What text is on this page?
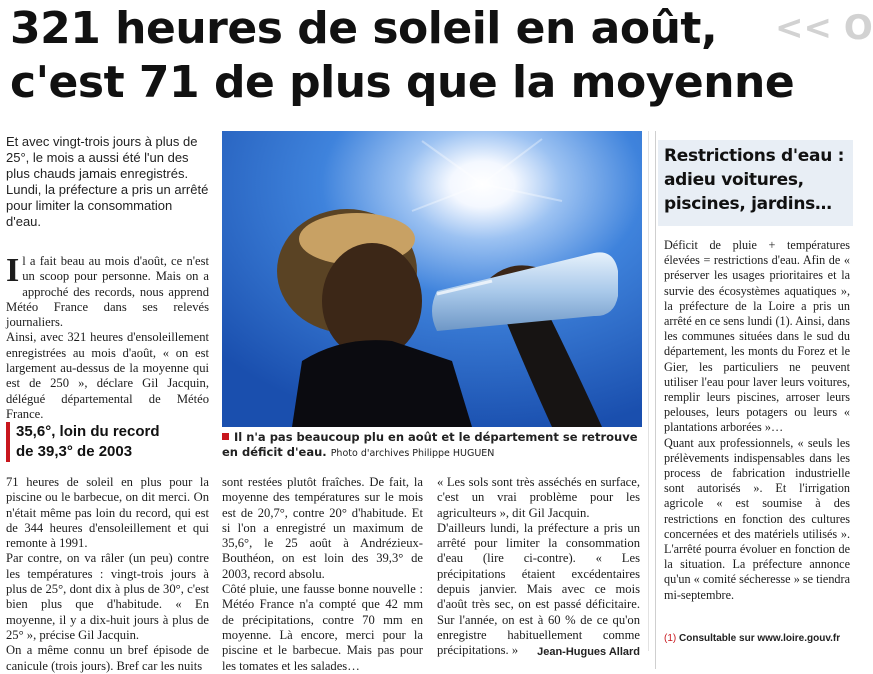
321 heures de soleil en août,
c'est 71 de plus que la moyenne
<< O
Et avec vingt-trois jours à plus de 25°, le mois a aussi été l'un des plus chauds jamais enregistrés. Lundi, la préfecture a pris un arrêté pour limiter la consommation d'eau.

Il a fait beau au mois d'août, ce n'est un scoop pour personne. Mais on a approché des records, nous apprend Météo France dans ses relevés journaliers.

Ainsi, avec 321 heures d'ensoleillement enregistrées au mois d'août, « on est largement au-dessus de la moyenne qui est de 250 », déclare Gil Jacquin, délégué départemental de Météo France.

35,6°, loin du record
de 39,3° de 2003

71 heures de soleil en plus pour la piscine ou le barbecue, on dit merci. On n'était même pas loin du record, qui est de 344 heures d'ensoleillement et qui remonte à 1991.

Par contre, on va râler (un peu) contre les températures : vingt-trois jours à plus de 25°, dont dix à plus de 30°, c'est bien plus que d'habitude. « En moyenne, il y a dix-huit jours à plus de 25° », précise Gil Jacquin.

On a même connu un bref épisode de canicule (trois jours). Bref car les nuits

Il n'a pas beaucoup plu en août et le département se retrouve en déficit d'eau. Photo d'archives Philippe HUGUEN

sont restées plutôt fraîches. De fait, la moyenne des températures sur le mois est de 20,7°, contre 20° d'habitude. Et si l'on a enregistré un maximum de 35,6°, le 25 août à Andrézieux-Bouthéon, on est loin des 39,3° de 2003, record absolu.

Côté pluie, une fausse bonne nouvelle : Météo France n'a compté que 42 mm de précipitations, contre 70 mm en moyenne. Là encore, merci pour la piscine et le barbecue. Mais pas pour les tomates et les salades…

« Les sols sont très asséchés en surface, c'est un vrai problème pour les agriculteurs », dit Gil Jacquin.

D'ailleurs lundi, la préfecture a pris un arrêté pour limiter la consommation d'eau (lire ci-contre). « Les précipitations étaient excédentaires depuis janvier. Mais avec ce mois d'août très sec, on est passé déficitaire. Sur l'année, on est à 60 % de ce qu'on enregistre habituellement comme précipitations. »	Jean-Hugues Allard
Restrictions d'eau :
adieu voitures,
piscines, jardins…

Déficit de pluie + températures élevées = restrictions d'eau. Afin de « préserver les usages prioritaires et la survie des écosystèmes aquatiques », la préfecture de la Loire a pris un arrêté en ce sens lundi (1). Ainsi, dans les communes situées dans le sud du département, les monts du Forez et le Gier, les particuliers ne peuvent utiliser l'eau pour laver leurs voitures, remplir leurs piscines, arroser leurs pelouses, leurs potagers ou leurs « plantations arborées »…

Quant aux professionnels, « seuls les prélèvements indispensables dans les process de fabrication industrielle sont autorisés ». Et l'irrigation agricole « est soumise à des restrictions en fonction des cultures concernées et des matériels utilisés ». L'arrêté pourra évoluer en fonction de la situation. La préfecture annonce qu'un « comité sécheresse » se tiendra mi-septembre.

(1) Consultable sur www.loire.gouv.fr
